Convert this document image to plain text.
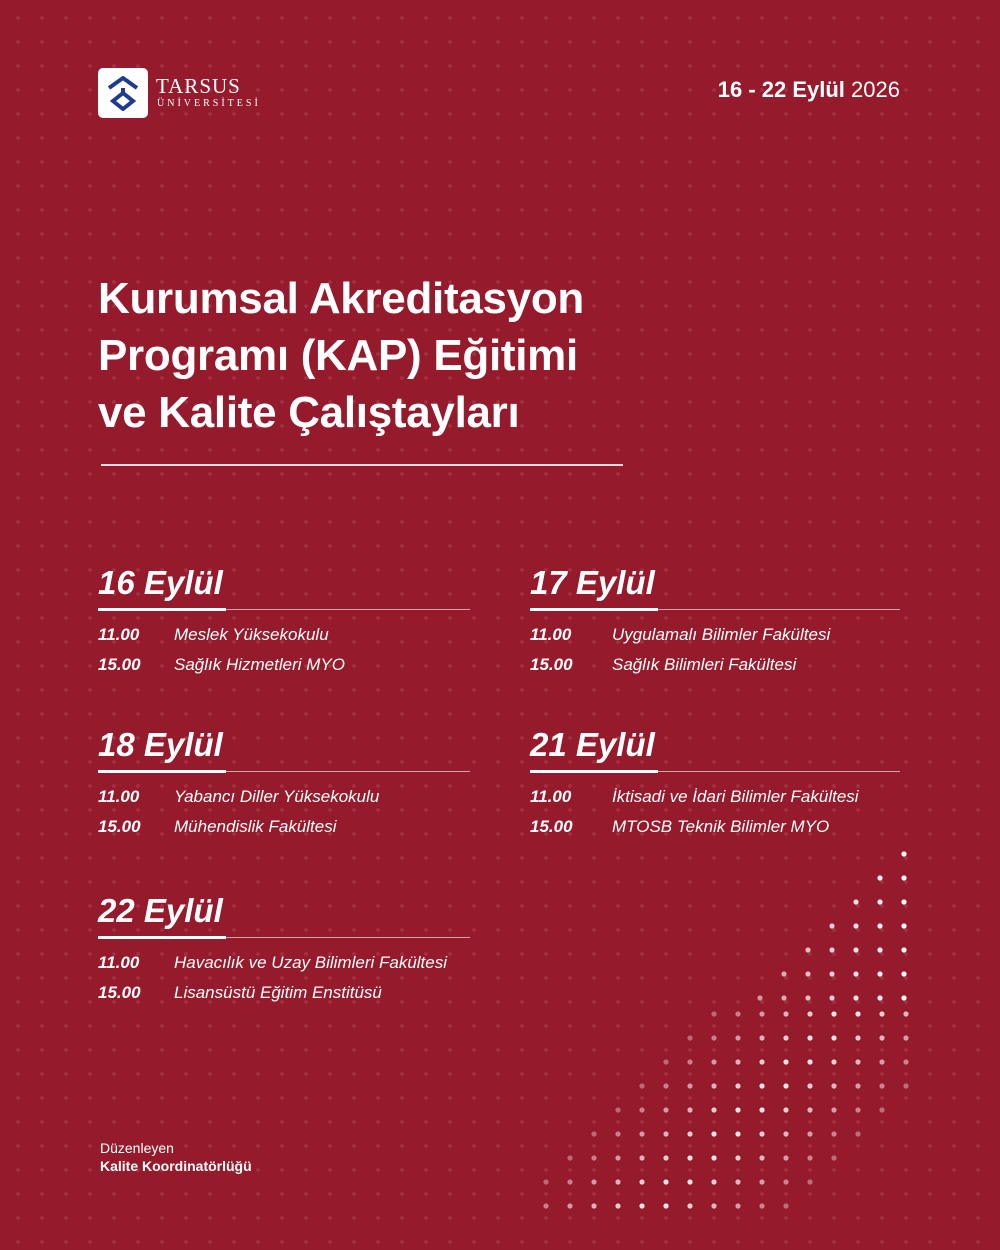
TARSUS
ÜNİVERSİTESİ
16 - 22 Eylül 2026
Kurumsal Akreditasyon
Programı (KAP) Eğitimi
ve Kalite Çalıştayları
16 Eylül
11.00	Meslek Yüksekokulu
15.00	Sağlık Hizmetleri MYO
17 Eylül
11.00	Uygulamalı Bilimler Fakültesi
15.00	Sağlık Bilimleri Fakültesi
18 Eylül
11.00	Yabancı Diller Yüksekokulu
15.00	Mühendislik Fakültesi
21 Eylül
11.00	İktisadi ve İdari Bilimler Fakültesi
15.00	MTOSB Teknik Bilimler MYO
22 Eylül
11.00	Havacılık ve Uzay Bilimleri Fakültesi
15.00	Lisansüstü Eğitim Enstitüsü
Düzenleyen
Kalite Koordinatörlüğü
